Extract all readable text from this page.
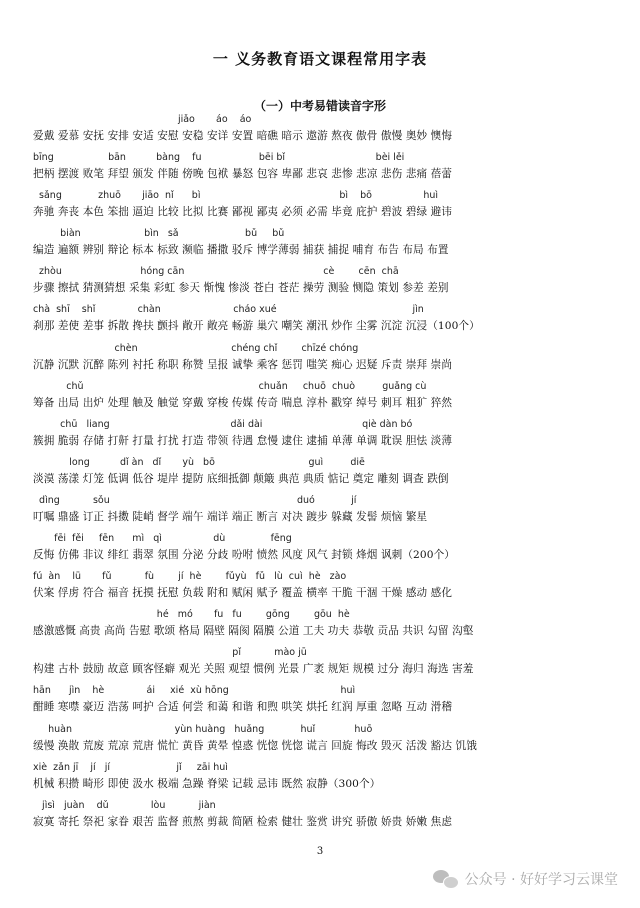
一 义务教育语文课程常用字表
（一）中考易错读音字形
jiǎo       áo    áo
爱戴 爱慕 安抚 安排 安适 安慰 安稳 安详 安置 暗礁 暗示 遨游 熬夜 傲骨 傲慢 奥妙 懊悔
bīng                  bān          bàng    fu                   bēi bǐ                              bèi lěi
把柄 摆渡 败笔 拜望 颁发 伴随 傍晚 包袱 暴怒 包容 卑鄙 悲哀 悲惨 悲凉 悲伤 悲痛 蓓蕾
sǎng            zhuō       jiāo  nǐ      bì                                              bì    bō                 huì
奔驰 奔丧 本色 笨拙 逼迫 比较 比拟 比赛 鄙视 鄙夷 必须 必需 毕竟 庇护 碧波 碧绿 避讳
biàn                     bìn   sǎ                      bǔ     bǔ
编造 遍额 辨别 辩论 标本 标致 濒临 播撒 驳斥 博学薄弱 捕获 捕捉 哺育 布告 布局 布置
zhòu                          hóng cān                                              cè        cēn  chā
步骤 擦拭 猜测猜想 采集 彩虹 参天 惭愧 惨淡 苍白 苍茫 操劳 测验 恻隐 策划 参差 差别
chà  shī    shǐ              chàn                        cháo xué                                             jìn
刹那 差使 差事 拆散 搀扶 颤抖 敞开 敞亮 畅游 巢穴 嘲笑 潮汛 炒作 尘雾 沉淀 沉浸（100个）
chèn                               chéng chǐ        chīzé chóng
沉静 沉默 沉醉 陈列 衬托 称职 称赞 呈报 诚挚 乘客 惩罚 嗤笑 痴心 迟疑 斥责 崇拜 崇尚
chǔ                                                          chuǎn     chuō  chuò         guǎng cù
筹备 出局 出炉 处理 触及 触觉 穿戴 穿梭 传媒 传奇 喘息 淳朴 戳穿 绰号 刺耳 粗犷 猝然
chū   liang                                        dǎi dài                                 qiè dàn bó
簇拥 脆弱 存储 打鼾 打量 打扰 打造 带领 待遇 怠慢 逮住 逮捕 单薄 单调 耽误 胆怯 淡薄
long          dǐ àn   dǐ       yù   bō                               guì         diē
淡漠 荡漾 灯笼 低调 低谷 堤岸 提防 底细抵御 颠簸 典范 典质 惦记 奠定 雕刻 调查 跌倒
dìng           sǒu                                                              duó            jí
叮嘱 鼎盛 订正 抖擞 陡峭 督学 端午 端详 端正 断言 对决 踱步 躲藏 发髻 烦恼 繁星
fēi  fěi     fēn      mì   qì                 dù               fēng
反悔 仿佛 非议 绯红 翡翠 氛围 分泌 分歧 吩咐 愤然 风度 风气 封锁 烽烟 讽刺（200个）
fú  àn    lǜ       fǔ           fù        jí  hè        fǔyù   fǔ   lù  cuì  hè   zào
伏案 俘虏 符合 福音 抚摸 抚慰 负载 附和 赋闲 赋予 覆盖 横率 干脆 干涸 干燥 感动 感化
hé   mó       fu   fu        gōng        gōu  hè
感激感慨 高贵 高尚 告慰 歌颂 格局 隔壁 隔阂 隔膜 公道 工夫 功夫 恭敬 贡品 共识 勾留 沟壑
pǐ           mào jū
构建 古朴 鼓励 故意 顾客怪癖 观光 关照 观望 惯例 光景 广袤 规矩 规模 过分 海归 海选 害羞
hān      jìn    hè              ái     xié  xù hōng                                     huì
酣睡 寒噤 豪迈 浩荡 呵护 合适 何尝 和蔼 和谐 和煦 哄笑 烘托 红润 厚重 忽略 互动 滑稽
huàn                                  yùn huàng   huǎng            huǐ             huō
缓慢 涣散 荒废 荒凉 荒唐 慌忙 黄昏 黄晕 惶惑 恍惚 恍惚 谎言 回旋 悔改 毁灭 活泼 豁达 饥饿
xiè  zǎn jī    jí   jí                      jǐ     zāi huì
机械 积攒 畸形 即使 汲水 极端 急躁 脊梁 记载 忌讳 既然 寂静（300个）
jìsì   juàn    dǔ              lòu           jiàn
寂寞 寄托 祭祀 家眷 艰苦 监督 煎熬 剪裁 简陋 检索 健壮 鉴赏 讲究 骄傲 娇贵 娇嫩 焦虑
3
公众号 · 好好学习云课堂
